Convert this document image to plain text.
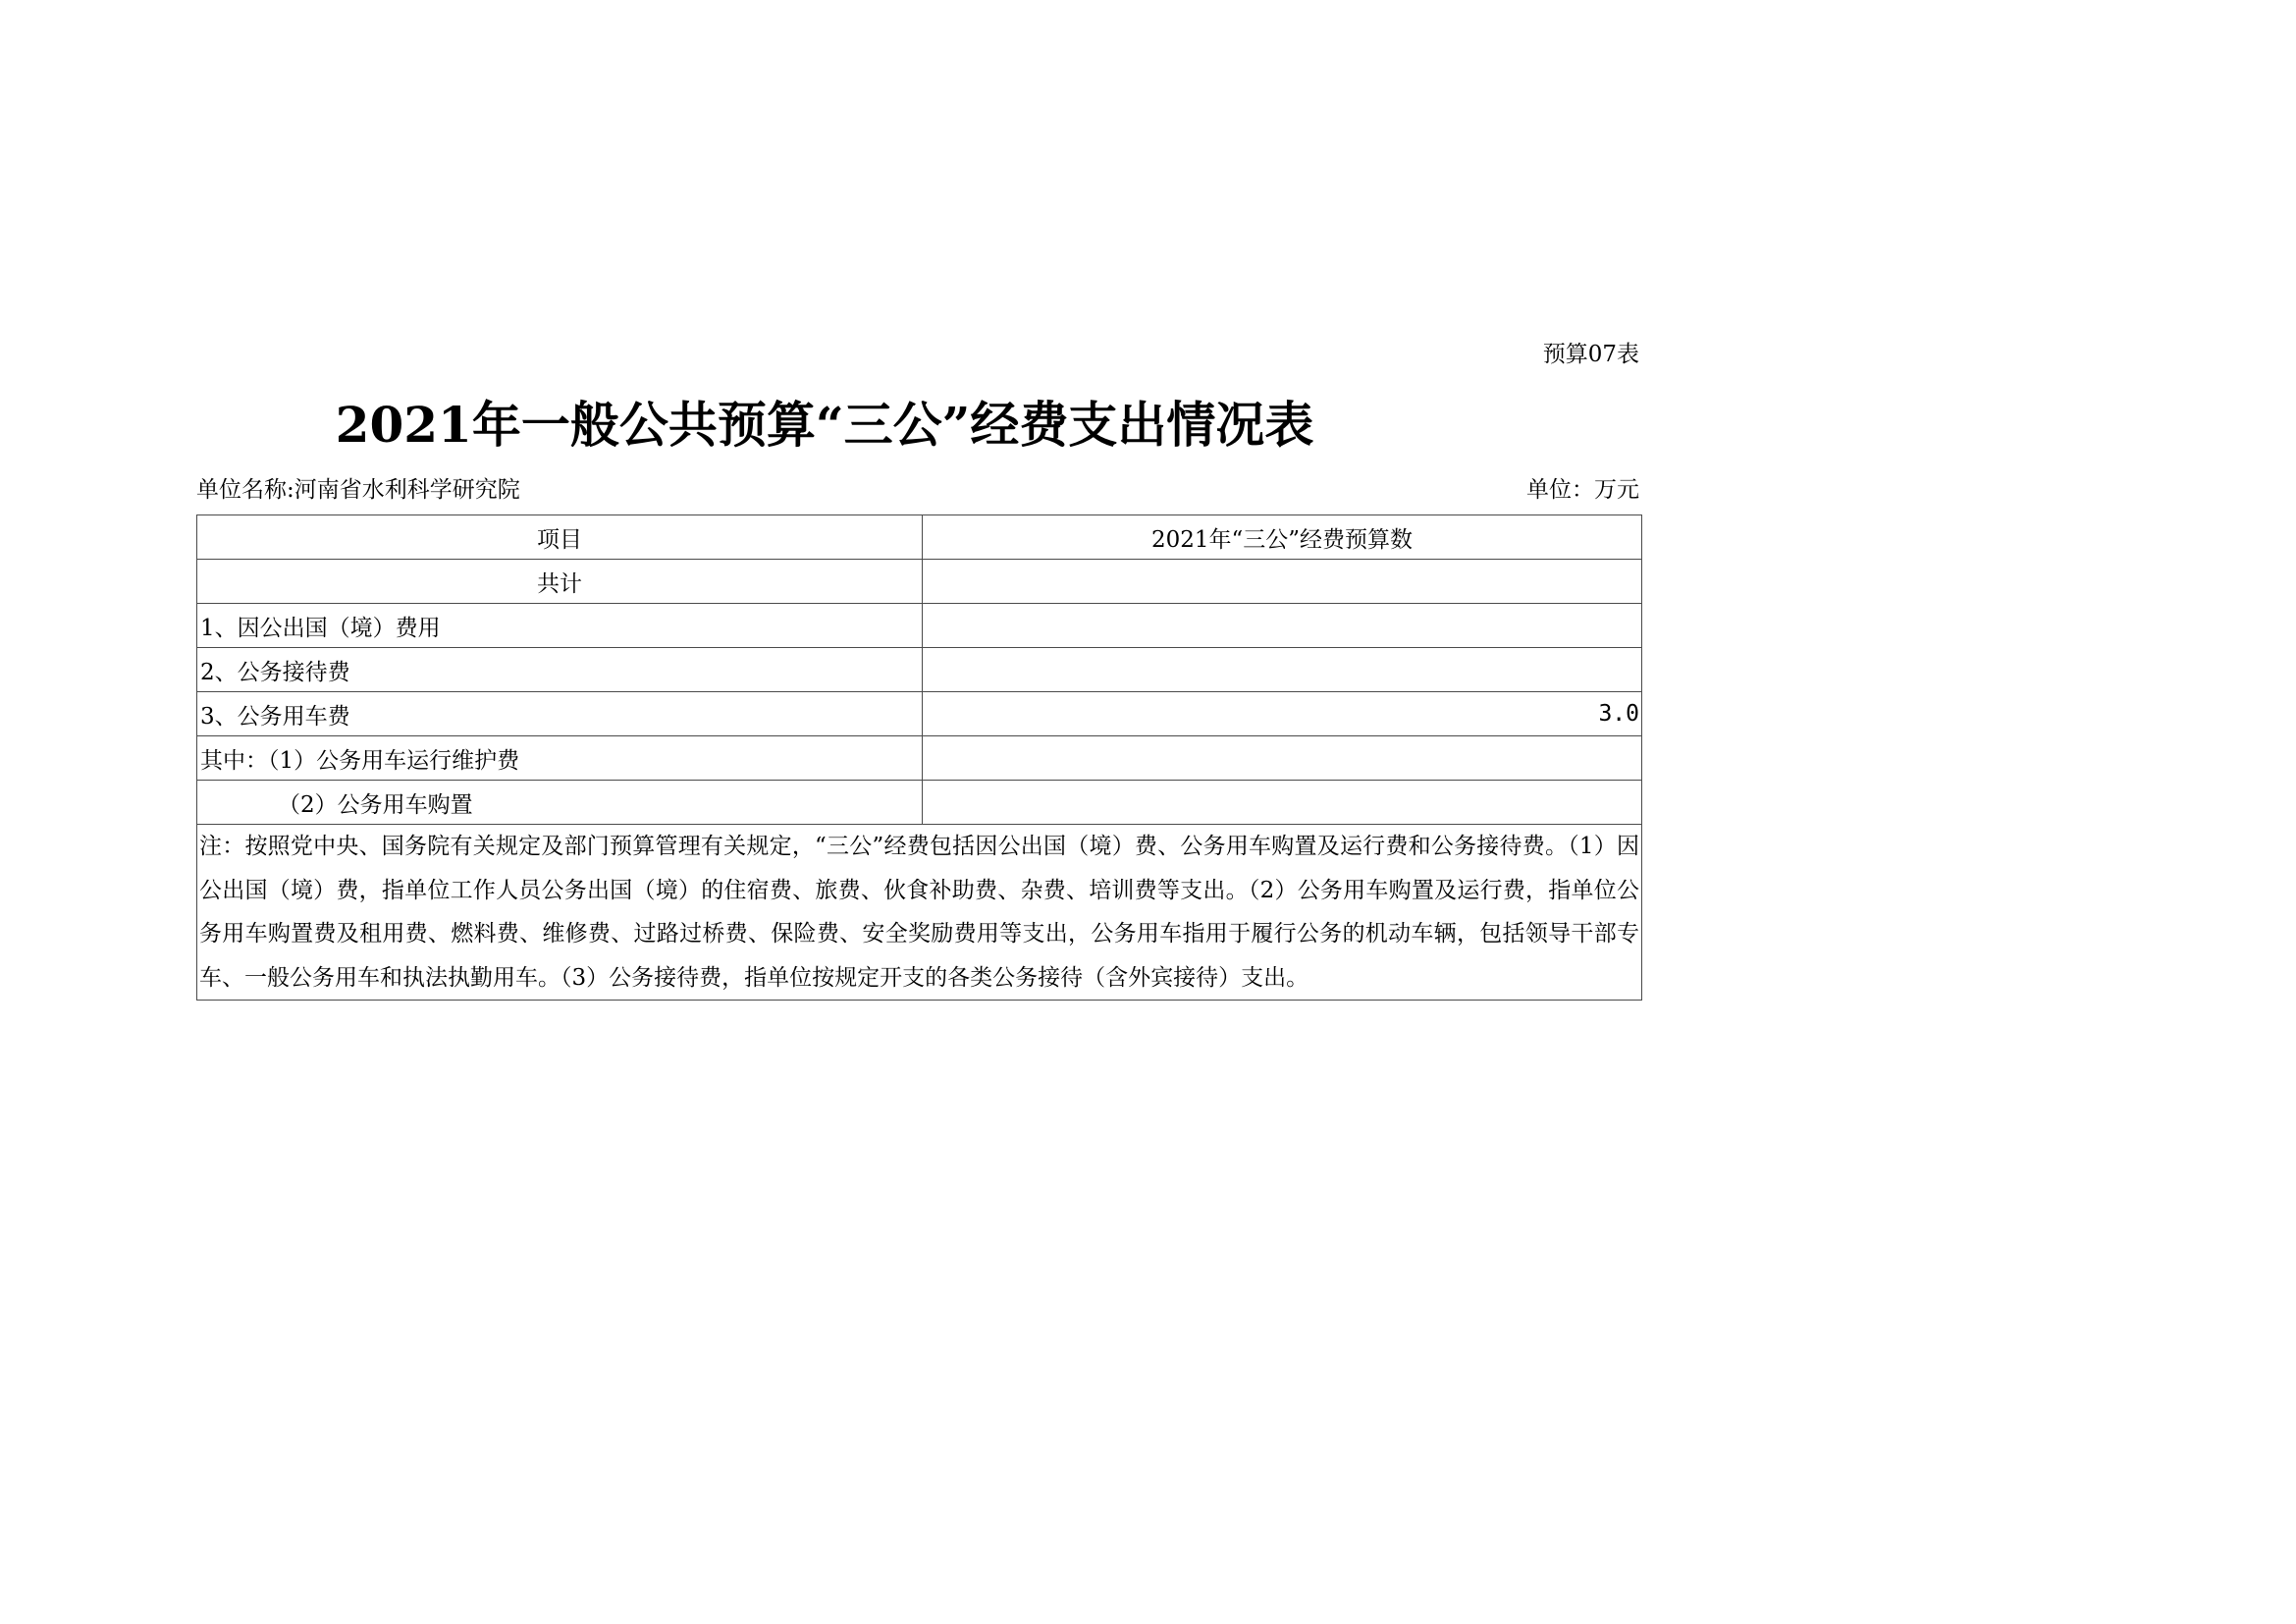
预算07表
2021年一般公共预算“三公”经费支出情况表
单位名称:河南省水利科学研究院	单位：万元
项目	2021年“三公”经费预算数
共计	
1、因公出国（境）费用	
2、公务接待费	
3、公务用车费	3.0
其中：（1）公务用车运行维护费	
（2）公务用车购置	
注：按照党中央、国务院有关规定及部门预算管理有关规定，“三公”经费包括因公出国（境）费、公务用车购置及运行费和公务接待费。（1）因公出国（境）费，指单位工作人员公务出国（境）的住宿费、旅费、伙食补助费、杂费、培训费等支出。（2）公务用车购置及运行费，指单位公务用车购置费及租用费、燃料费、维修费、过路过桥费、保险费、安全奖励费用等支出，公务用车指用于履行公务的机动车辆，包括领导干部专车、一般公务用车和执法执勤用车。（3）公务接待费，指单位按规定开支的各类公务接待（含外宾接待）支出。	
